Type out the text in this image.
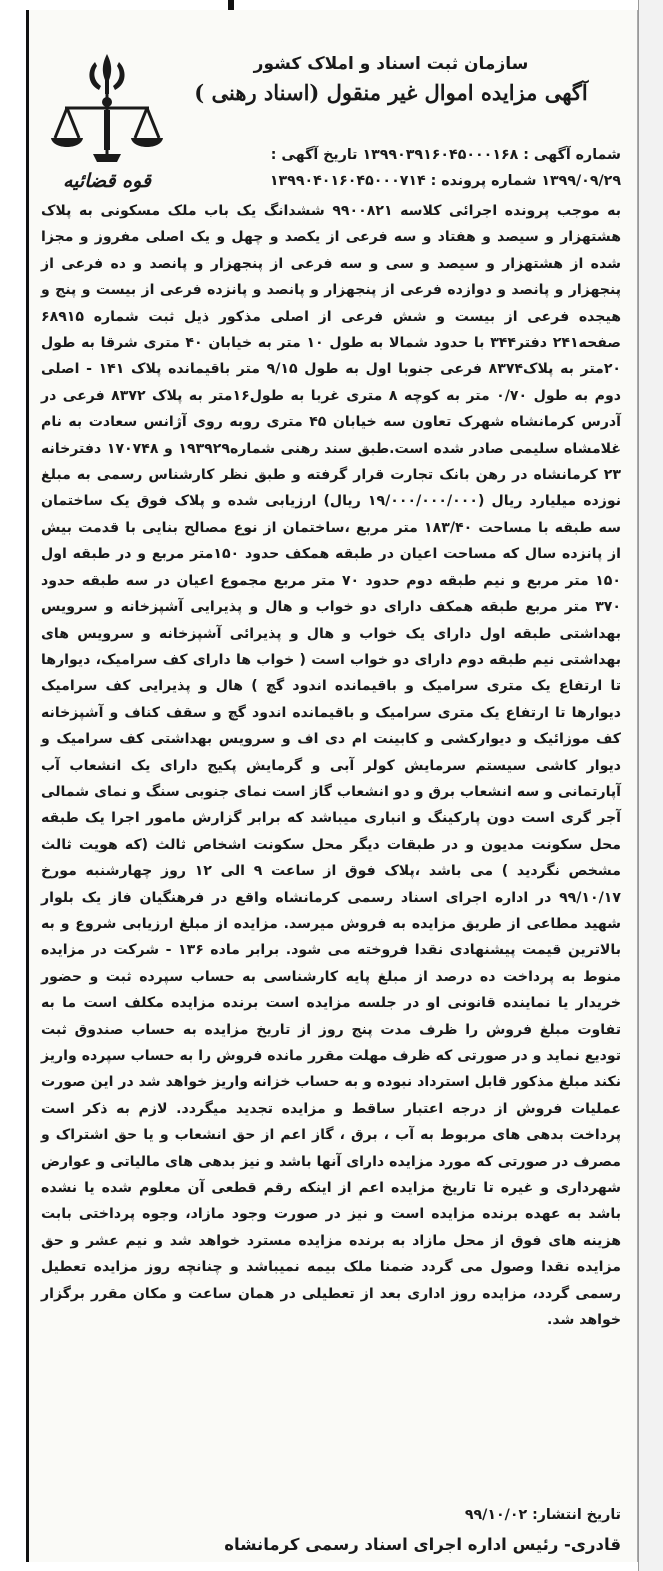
قوه قضائیه
سازمان ثبت اسناد و املاک کشور
آگهی مزایده اموال غیر منقول (اسناد رهنی )
شماره آگهی : ۱۳۹۹۰۳۹۱۶۰۴۵۰۰۰۱۶۸ تاریخ آگهی :
۱۳۹۹/۰۹/۲۹ شماره پرونده : ۱۳۹۹۰۴۰۱۶۰۴۵۰۰۰۷۱۴
به موجب پرونده اجرائی کلاسه ۹۹۰۰۸۲۱ ششدانگ یک باب ملک مسکونی به پلاک هشتهزار و سیصد و هفتاد و سه فرعی از یکصد و چهل و یک اصلی مفروز و مجزا شده از هشتهزار و سیصد و سی و سه فرعی از پنجهزار و پانصد و ده فرعی از پنجهزار و پانصد و دوازده فرعی از پنجهزار و پانصد و پانزده فرعی از بیست و پنج و هیجده فرعی از بیست و شش فرعی از اصلی مذکور ذیل ثبت شماره ۶۸۹۱۵ صفحه۲۴۱ دفتر۳۴۴ با حدود شمالا به طول ۱۰ متر به خیابان ۴۰ متری شرقا به طول ۲۰متر به پلاک۸۳۷۴ فرعی جنوبا اول به طول ۹/۱۵ متر باقیمانده پلاک ۱۴۱ - اصلی دوم به طول ۰/۷۰ متر به کوچه ۸ متری غربا به طول۱۶متر به پلاک ۸۳۷۲ فرعی در آدرس کرمانشاه شهرک تعاون سه خیابان ۴۵ متری روبه روی آژانس سعادت به نام غلامشاه سلیمی صادر شده است.طبق سند رهنی شماره۱۹۳۹۲۹ و ۱۷۰۷۴۸ دفترخانه ۲۳ کرمانشاه در رهن بانک تجارت قرار گرفته و طبق نظر کارشناس رسمی به مبلغ نوزده میلیارد ریال (۱۹/۰۰۰/۰۰۰/۰۰۰ ریال) ارزیابی شده و پلاک فوق یک ساختمان سه طبقه با مساحت ۱۸۳/۴۰ متر مربع ،ساختمان از نوع مصالح بنایی با قدمت بیش از پانزده سال که مساحت اعیان در طبقه همکف حدود ۱۵۰متر مربع و در طبقه اول ۱۵۰ متر مربع و نیم طبقه دوم حدود ۷۰ متر مربع مجموع اعیان در سه طبقه حدود ۳۷۰ متر مربع طبقه همکف دارای دو خواب و هال و پذیرایی آشپزخانه و سرویس بهداشتی طبقه اول دارای یک خواب و هال و پذیرائی آشپزخانه و سرویس های بهداشتی نیم طبقه دوم دارای دو خواب است ( خواب ها دارای کف سرامیک، دیوارها تا ارتفاع یک متری سرامیک و باقیمانده اندود گچ ) هال و پذیرایی کف سرامیک دیوارها تا ارتفاع یک متری سرامیک و باقیمانده اندود گچ و سقف کناف و آشپزخانه کف موزائیک و دیوارکشی و کابینت ام دی اف و سرویس بهداشتی کف سرامیک و دیوار کاشی سیستم سرمایش کولر آبی و گرمایش پکیج دارای یک انشعاب آب آپارتمانی و سه انشعاب برق و دو انشعاب گاز است نمای جنوبی سنگ و نمای شمالی آجر گری است دون پارکینگ و انباری میباشد که برابر گزارش مامور اجرا یک طبقه محل سکونت مدیون و در طبقات دیگر محل سکونت اشخاص ثالث (که هویت ثالث مشخص نگردید ) می باشد ،پلاک فوق از ساعت ۹ الی ۱۲ روز چهارشنبه مورخ ۹۹/۱۰/۱۷ در اداره اجرای اسناد رسمی کرمانشاه واقع در فرهنگیان فاز یک بلوار شهید مطاعی از طریق مزایده به فروش میرسد. مزایده از مبلغ ارزیابی شروع و به بالاترین قیمت پیشنهادی نقدا فروخته می شود. برابر ماده ۱۳۶ - شرکت در مزایده منوط به پرداخت ده درصد از مبلغ پایه کارشناسی به حساب سپرده ثبت و حضور خریدار یا نماینده قانونی او در جلسه مزایده است برنده مزایده مکلف است ما به تفاوت مبلغ فروش را ظرف مدت پنج روز از تاریخ مزایده به حساب صندوق ثبت تودیع نماید و در صورتی که ظرف مهلت مقرر مانده فروش را به حساب سپرده واریز نکند مبلغ مذکور قابل استرداد نبوده و به حساب خزانه واریز خواهد شد در این صورت عملیات فروش از درجه اعتبار ساقط و مزایده تجدید میگردد. لازم به ذکر است پرداخت بدهی های مربوط به آب ، برق ، گاز اعم از حق انشعاب و یا حق اشتراک و مصرف در صورتی که مورد مزایده دارای آنها باشد و نیز بدهی های مالیاتی و عوارض شهرداری و غیره تا تاریخ مزایده اعم از اینکه رقم قطعی آن معلوم شده یا نشده باشد به عهده برنده مزایده است و نیز در صورت وجود مازاد، وجوه پرداختی بابت هزینه های فوق از محل مازاد به برنده مزایده مسترد خواهد شد و نیم عشر و حق مزایده نقدا وصول می گردد ضمنا ملک بیمه نمیباشد و چنانچه روز مزایده تعطیل رسمی گردد، مزایده روز اداری بعد از تعطیلی در همان ساعت و مکان مقرر برگزار خواهد شد.
تاریخ انتشار: ۹۹/۱۰/۰۲
قادری- رئیس اداره اجرای اسناد رسمی کرمانشاه
